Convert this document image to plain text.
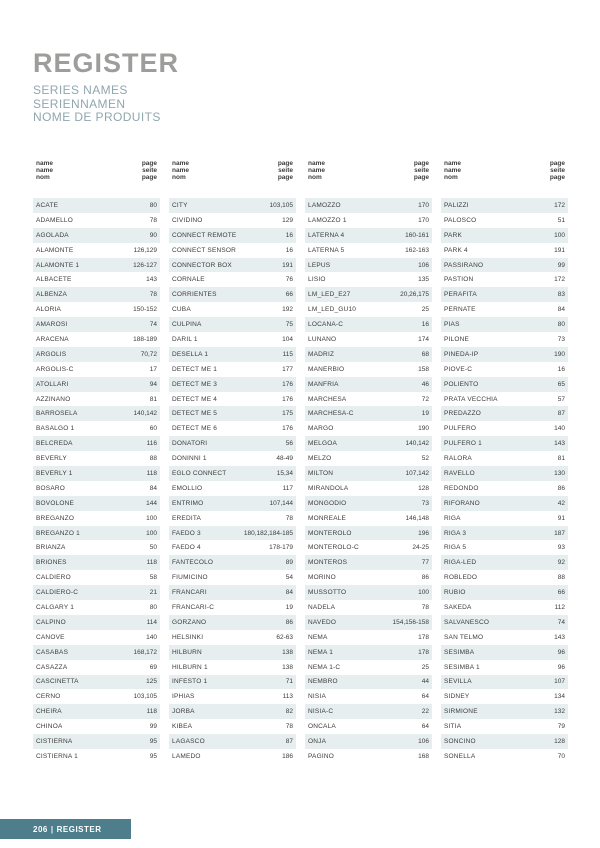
REGISTER
SERIES NAMES
SERIENNAMEN
NOME DE PRODUITS
name
name
nom
page
seite
page
ACATE	80
ADAMELLO	78
AGOLADA	90
ALAMONTE	126,129
ALAMONTE 1	126-127
ALBACETE	143
ALBENZA	78
ALORIA	150-152
AMAROSI	74
ARACENA	188-189
ARGOLIS	70,72
ARGOLIS-C	17
ATOLLARI	94
AZZINANO	81
BARROSELA	140,142
BASALGO 1	60
BELCREDA	116
BEVERLY	88
BEVERLY 1	118
BOSARO	84
BOVOLONE	144
BREGANZO	100
BREGANZO 1	100
BRIANZA	50
BRIONES	118
CALDIERO	58
CALDIERO-C	21
CALGARY 1	80
CALPINO	114
CANOVE	140
CASABAS	168,172
CASAZZA	69
CASCINETTA	125
CERNO	103,105
CHEIRA	118
CHINOA	99
CISTIERNA	95
CISTIERNA 1	95
name
name
nom
page
seite
page
CITY	103,105
CIVIDINO	129
CONNECT REMOTE	16
CONNECT SENSOR	16
CONNECTOR BOX	191
CORNALE	76
CORRIENTES	66
CUBA	192
CULPINA	75
DARIL 1	104
DESELLA 1	115
DETECT ME 1	177
DETECT ME 3	176
DETECT ME 4	176
DETECT ME 5	175
DETECT ME 6	176
DONATORI	56
DONINNI 1	48-49
EGLO CONNECT	15,34
EMOLLIO	117
ENTRIMO	107,144
EREDITA	78
FAEDO 3	180,182,184-185
FAEDO 4	178-179
FANTECOLO	89
FIUMICINO	54
FRANCARI	84
FRANCARI-C	19
GORZANO	86
HELSINKI	62-63
HILBURN	138
HILBURN 1	138
INFESTO 1	71
IPHIAS	113
JORBA	82
KIBEA	78
LAGASCO	87
LAMEDO	186
name
name
nom
page
seite
page
LAMOZZO	170
LAMOZZO 1	170
LATERNA 4	160-161
LATERNA 5	162-163
LEPUS	106
LISIO	135
LM_LED_E27	20,26,175
LM_LED_GU10	25
LOCANA-C	16
LUNANO	174
MADRIZ	68
MANERBIO	158
MANFRIA	46
MARCHESA	72
MARCHESA-C	19
MARGO	190
MELGOA	140,142
MELZO	52
MILTON	107,142
MIRANDOLA	128
MONGODIO	73
MONREALE	146,148
MONTEROLO	196
MONTEROLO-C	24-25
MONTEROS	77
MORINO	86
MUSSOTTO	100
NADELA	78
NAVEDO	154,156-158
NEMA	178
NEMA 1	178
NEMA 1-C	25
NEMBRO	44
NISIA	64
NISIA-C	22
ONCALA	64
ONJA	106
PAGINO	168
name
name
nom
page
seite
page
PALIZZI	172
PALOSCO	51
PARK	100
PARK 4	191
PASSIRANO	99
PASTION	172
PERAFITA	83
PERNATE	84
PIAS	80
PILONE	73
PINEDA-IP	190
PIOVE-C	16
POLIENTO	65
PRATA VECCHIA	57
PREDAZZO	87
PULFERO	140
PULFERO 1	143
RALORA	81
RAVELLO	130
REDONDO	86
RIFORANO	42
RIGA	91
RIGA 3	187
RIGA 5	93
RIGA-LED	92
ROBLEDO	88
RUBIO	66
SAKEDA	112
SALVANESCO	74
SAN TELMO	143
SESIMBA	96
SESIMBA 1	96
SEVILLA	107
SIDNEY	134
SIRMIONE	132
SITIA	79
SONCINO	128
SONELLA	70
206 | REGISTER
